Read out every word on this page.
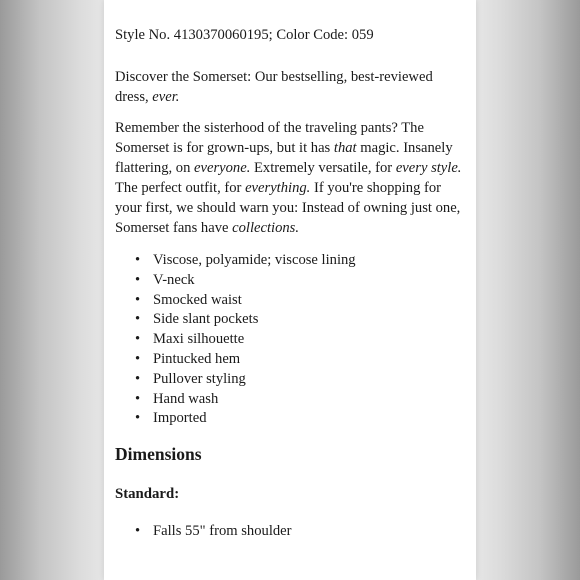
Style No. 4130370060195; Color Code: 059

Discover the Somerset: Our bestselling, best-reviewed dress, ever.

Remember the sisterhood of the traveling pants? The Somerset is for grown-ups, but it has that magic. Insanely flattering, on everyone. Extremely versatile, for every style. The perfect outfit, for everything. If you're shopping for your first, we should warn you: Instead of owning just one, Somerset fans have collections.

• Viscose, polyamide; viscose lining
• V-neck
• Smocked waist
• Side slant pockets
• Maxi silhouette
• Pintucked hem
• Pullover styling
• Hand wash
• Imported
Dimensions
Standard:
• Falls 55" from shoulder
